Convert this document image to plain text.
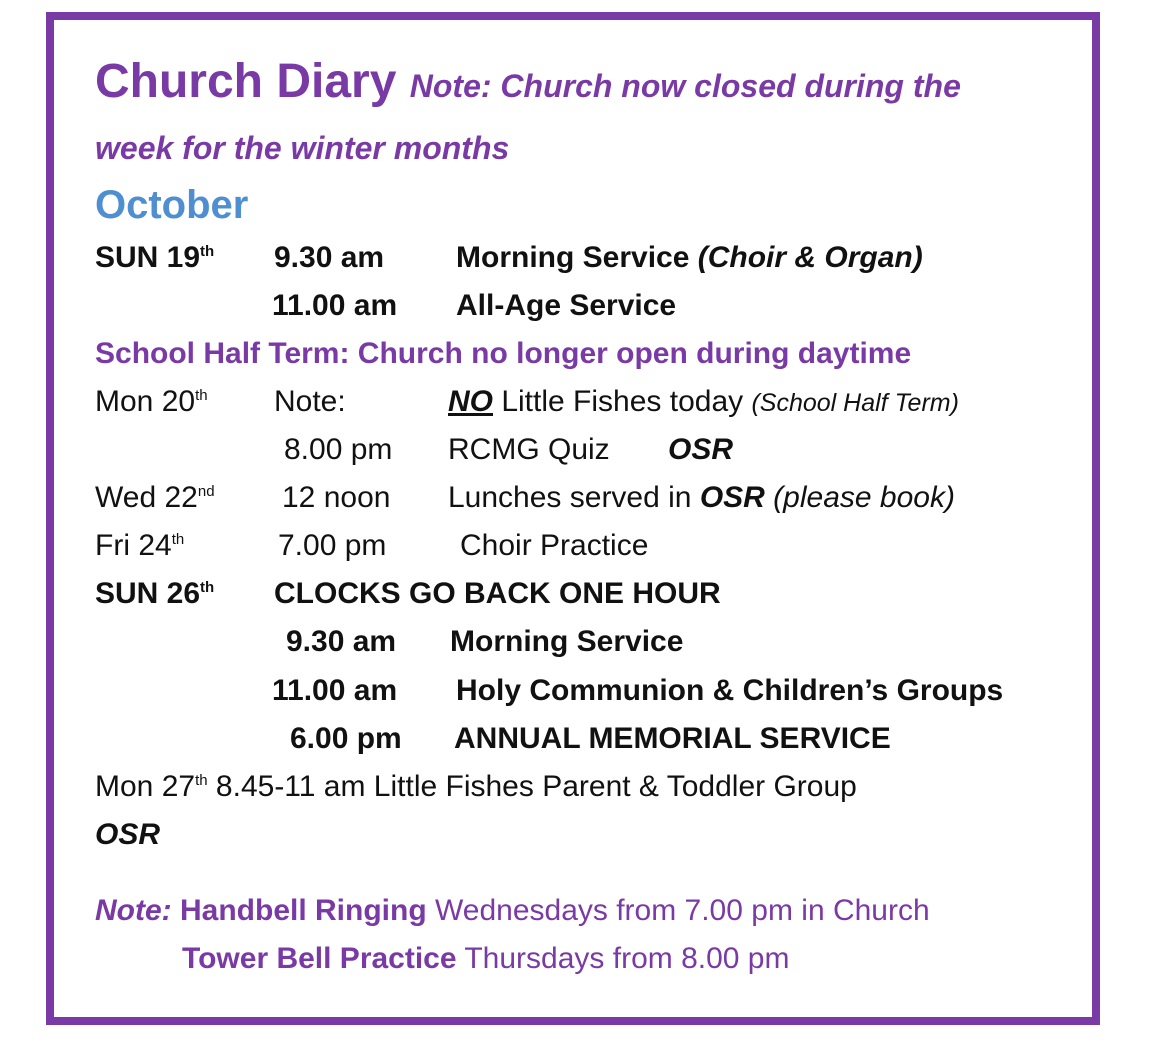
Church Diary Note: Church now closed during the
week for the winter months
October
SUN 19th 9.30 am Morning Service (Choir & Organ)
11.00 am All-Age Service
School Half Term: Church no longer open during daytime
Mon 20th Note:	NO Little Fishes today (School Half Term)
8.00 pm RCMG Quiz OSR
Wed 22nd 12 noon Lunches served in OSR (please book)
Fri 24th	7.00 pm Choir Practice
SUN 26th CLOCKS GO BACK ONE HOUR
9.30 am Morning Service
11.00 am Holy Communion & Children’s Groups
6.00 pm ANNUAL MEMORIAL SERVICE
Mon 27th 8.45-11 am Little Fishes Parent & Toddler Group
OSR
Note: Handbell Ringing Wednesdays from 7.00 pm in Church
Tower Bell Practice Thursdays from 8.00 pm
